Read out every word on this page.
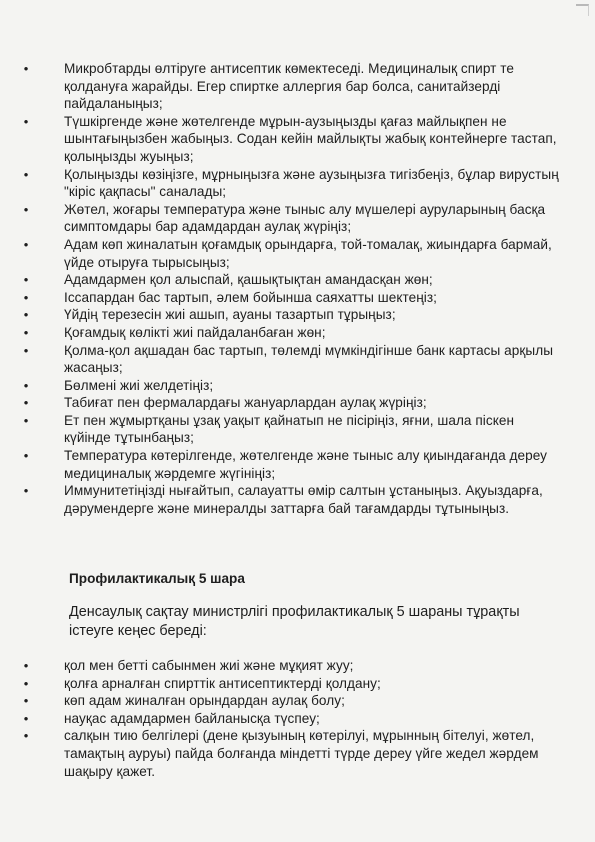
•	Микробтарды өлтіруге антисептик көмектеседі. Медициналық спирт те қолдануға жарайды. Егер спиртке аллергия бар болса, санитайзерді пайдаланыңыз;
•	Түшкіргенде және жөтелгенде мұрын-аузыңызды қағаз майлықпен не шынтағыңызбен жабыңыз. Содан кейін майлықты жабық контейнерге тастап, қолыңызды жуыңыз;
•	Қолыңызды көзіңізге, мұрныңызға және аузыңызға тигізбеңіз, бұлар вирустың "кіріс қақпасы" саналады;
•	Жөтел, жоғары температура және тыныс алу мүшелері ауруларының басқа симптомдары бар адамдардан аулақ жүріңіз;
•	Адам көп жиналатын қоғамдық орындарға, той-томалақ, жиындарға бармай, үйде отыруға тырысыңыз;
•	Адамдармен қол алыспай, қашықтықтан амандасқан жөн;
•	Іссапардан бас тартып, әлем бойынша саяхатты шектеңіз;
•	Үйдің терезесін жиі ашып, ауаны тазартып тұрыңыз;
•	Қоғамдық көлікті жиі пайдаланбаған жөн;
•	Қолма-қол ақшадан бас тартып, төлемді мүмкіндігінше банк картасы арқылы жасаңыз;
•	Бөлмені жиі желдетіңіз;
•	Табиғат пен фермалардағы жануарлардан аулақ жүріңіз;
•	Ет пен жұмыртқаны ұзақ уақыт қайнатып не пісіріңіз, яғни, шала піскен күйінде тұтынбаңыз;
•	Температура көтерілгенде, жөтелгенде және тыныс алу қиындағанда дереу медициналық жәрдемге жүгініңіз;
•	Иммунитетіңізді нығайтып, салауатты өмір салтын ұстаныңыз. Ақуыздарға, дәрумендерге және минералды заттарға бай тағамдарды тұтыныңыз.
Профилактикалық 5 шара
Денсаулық сақтау министрлігі профилактикалық 5 шараны тұрақты істеуге кеңес береді:
•	қол мен бетті сабынмен жиі және мұқият жуу;
•	қолға арналған спирттік антисептиктерді қолдану;
•	көп адам жиналған орындардан аулақ болу;
•	науқас адамдармен байланысқа түспеу;
•	салқын тию белгілері (дене қызуының көтерілуі, мұрынның бітелуі, жөтел, тамақтың ауруы) пайда болғанда міндетті түрде дереу үйге жедел жәрдем шақыру қажет.
